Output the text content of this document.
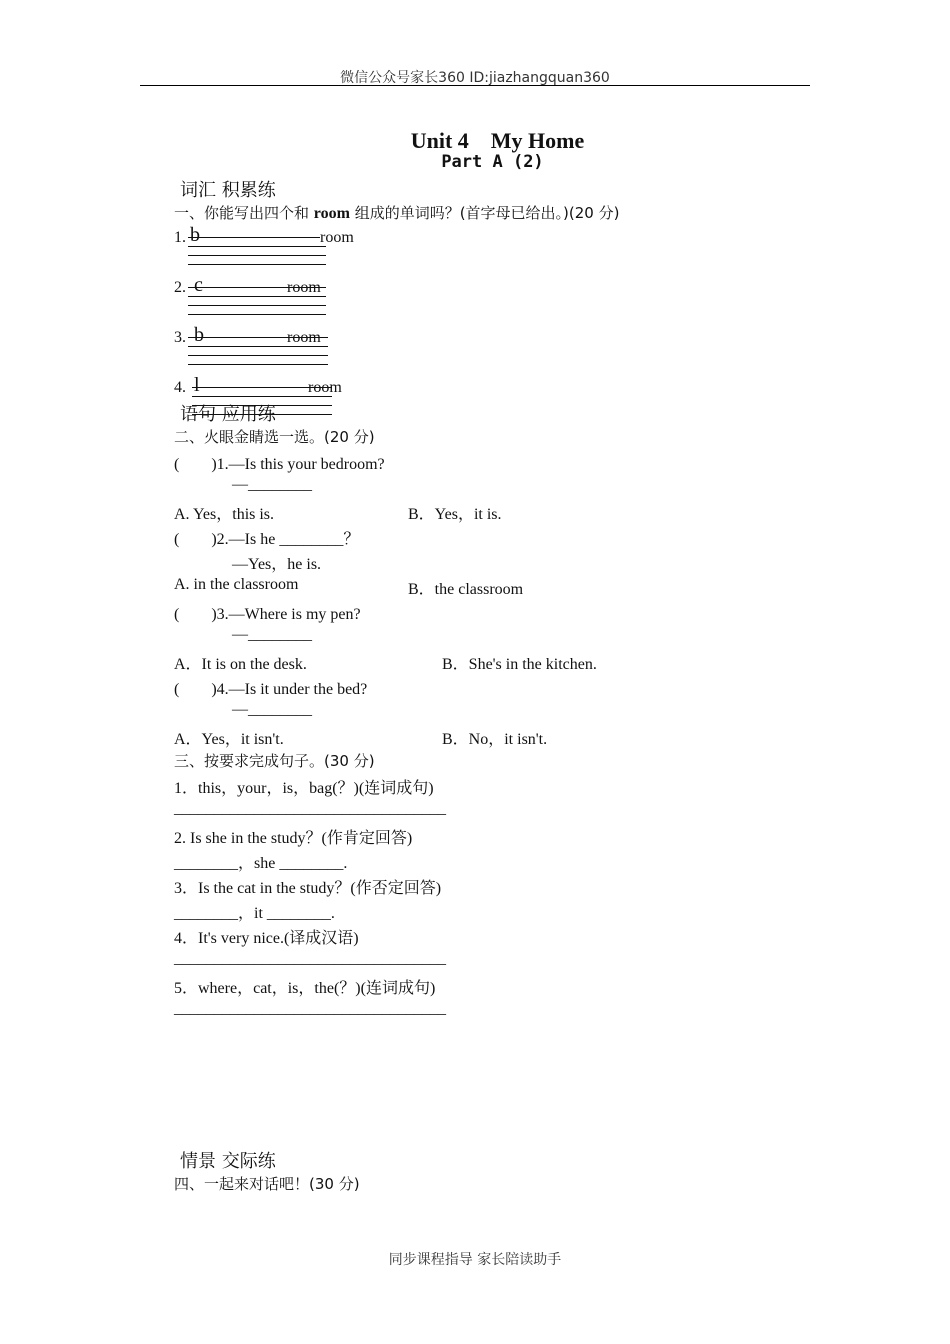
微信公众号家长360 ID:jiazhangquan360
Unit 4　My Home
Part A (2)
词汇 积累练
一、你能写出四个和 room 组成的单词吗？(首字母已给出。)(20 分)
1. b	room
2. c	room
3. b	room
4. l	room
语句 应用练
二、火眼金睛选一选。(20 分)
(　　)1.—Is this your bedroom?
—________
A. Yes，this is.	B．Yes，it is.
(　　)2.—Is he ________？
—Yes，he is.
A. in the classroom	B．the classroom
(　　)3.—Where is my pen?
—________
A．It is on the desk.	B．She's in the kitchen.
(　　)4.—Is it under the bed?
—________
A．Yes，it isn't.	B．No，it isn't.
三、按要求完成句子。(30 分)
1．this，your，is，bag(？)(连词成句)
__________________________________
2. Is she in the study？(作肯定回答)
________，she ________.
3．Is the cat in the study？(作否定回答)
________，it ________.
4．It's very nice.(译成汉语)
__________________________________
5．where，cat，is，the(？)(连词成句)
__________________________________
情景 交际练
四、一起来对话吧！(30 分)
同步课程指导 家长陪读助手
